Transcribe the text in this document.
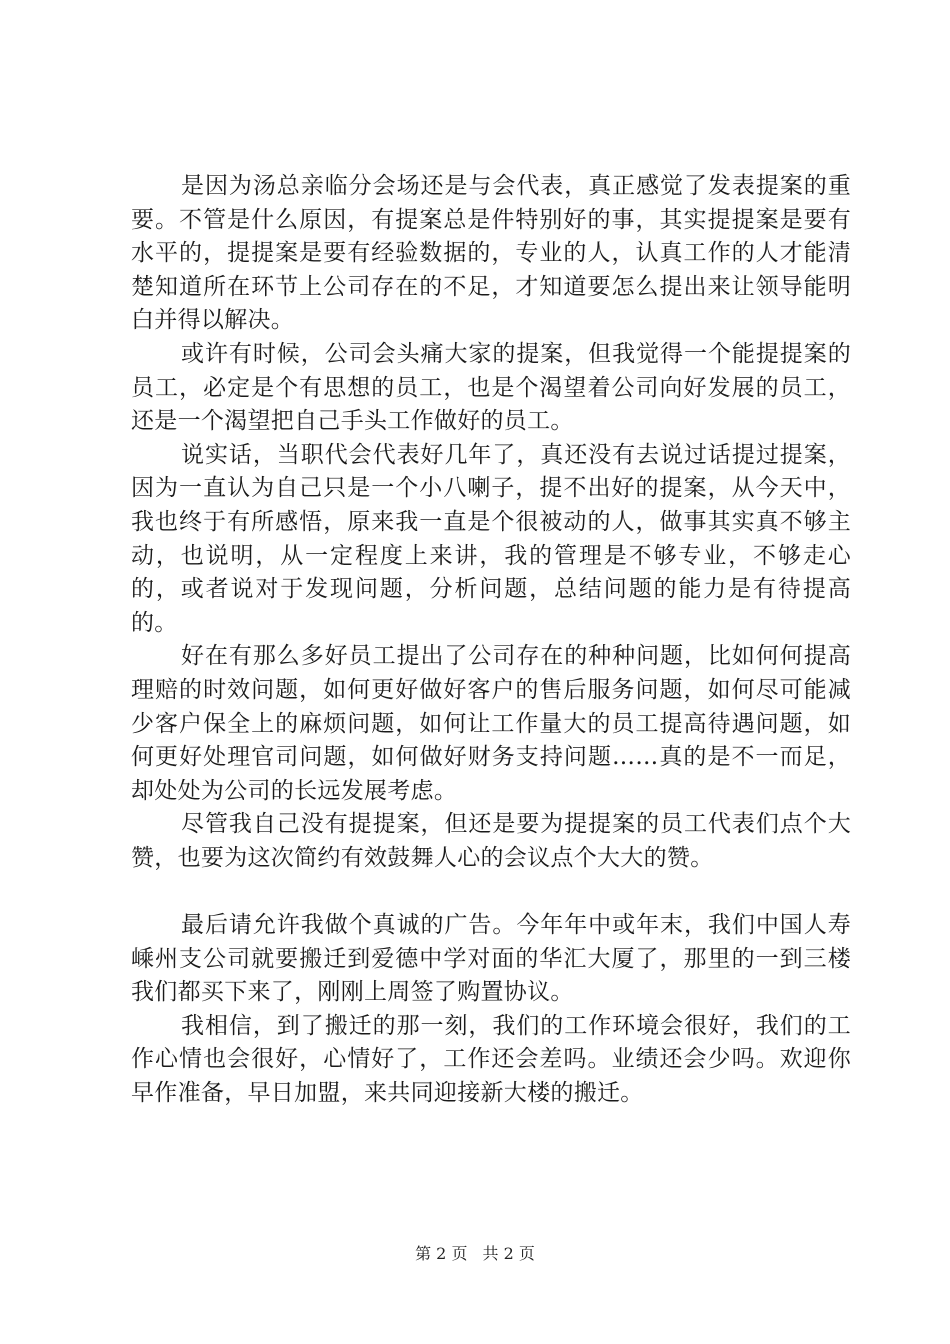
是因为汤总亲临分会场还是与会代表，真正感觉了发表提案的重要。不管是什么原因，有提案总是件特别好的事，其实提提案是要有水平的，提提案是要有经验数据的，专业的人，认真工作的人才能清楚知道所在环节上公司存在的不足，才知道要怎么提出来让领导能明白并得以解决。

或许有时候，公司会头痛大家的提案，但我觉得一个能提提案的员工，必定是个有思想的员工，也是个渴望着公司向好发展的员工，还是一个渴望把自己手头工作做好的员工。

说实话，当职代会代表好几年了，真还没有去说过话提过提案，因为一直认为自己只是一个小八喇子，提不出好的提案，从今天中，我也终于有所感悟，原来我一直是个很被动的人，做事其实真不够主动，也说明，从一定程度上来讲，我的管理是不够专业，不够走心的，或者说对于发现问题，分析问题，总结问题的能力是有待提高的。

好在有那么多好员工提出了公司存在的种种问题，比如何何提高理赔的时效问题，如何更好做好客户的售后服务问题，如何尽可能减少客户保全上的麻烦问题，如何让工作量大的员工提高待遇问题，如何更好处理官司问题，如何做好财务支持问题……真的是不一而足，却处处为公司的长远发展考虑。

尽管我自己没有提提案，但还是要为提提案的员工代表们点个大赞，也要为这次简约有效鼓舞人心的会议点个大大的赞。

最后请允许我做个真诚的广告。今年年中或年末，我们中国人寿嵊州支公司就要搬迁到爱德中学对面的华汇大厦了，那里的一到三楼我们都买下来了，刚刚上周签了购置协议。

我相信，到了搬迁的那一刻，我们的工作环境会很好，我们的工作心情也会很好，心情好了，工作还会差吗。业绩还会少吗。欢迎你早作准备，早日加盟，来共同迎接新大楼的搬迁。

第 2 页 共 2 页
